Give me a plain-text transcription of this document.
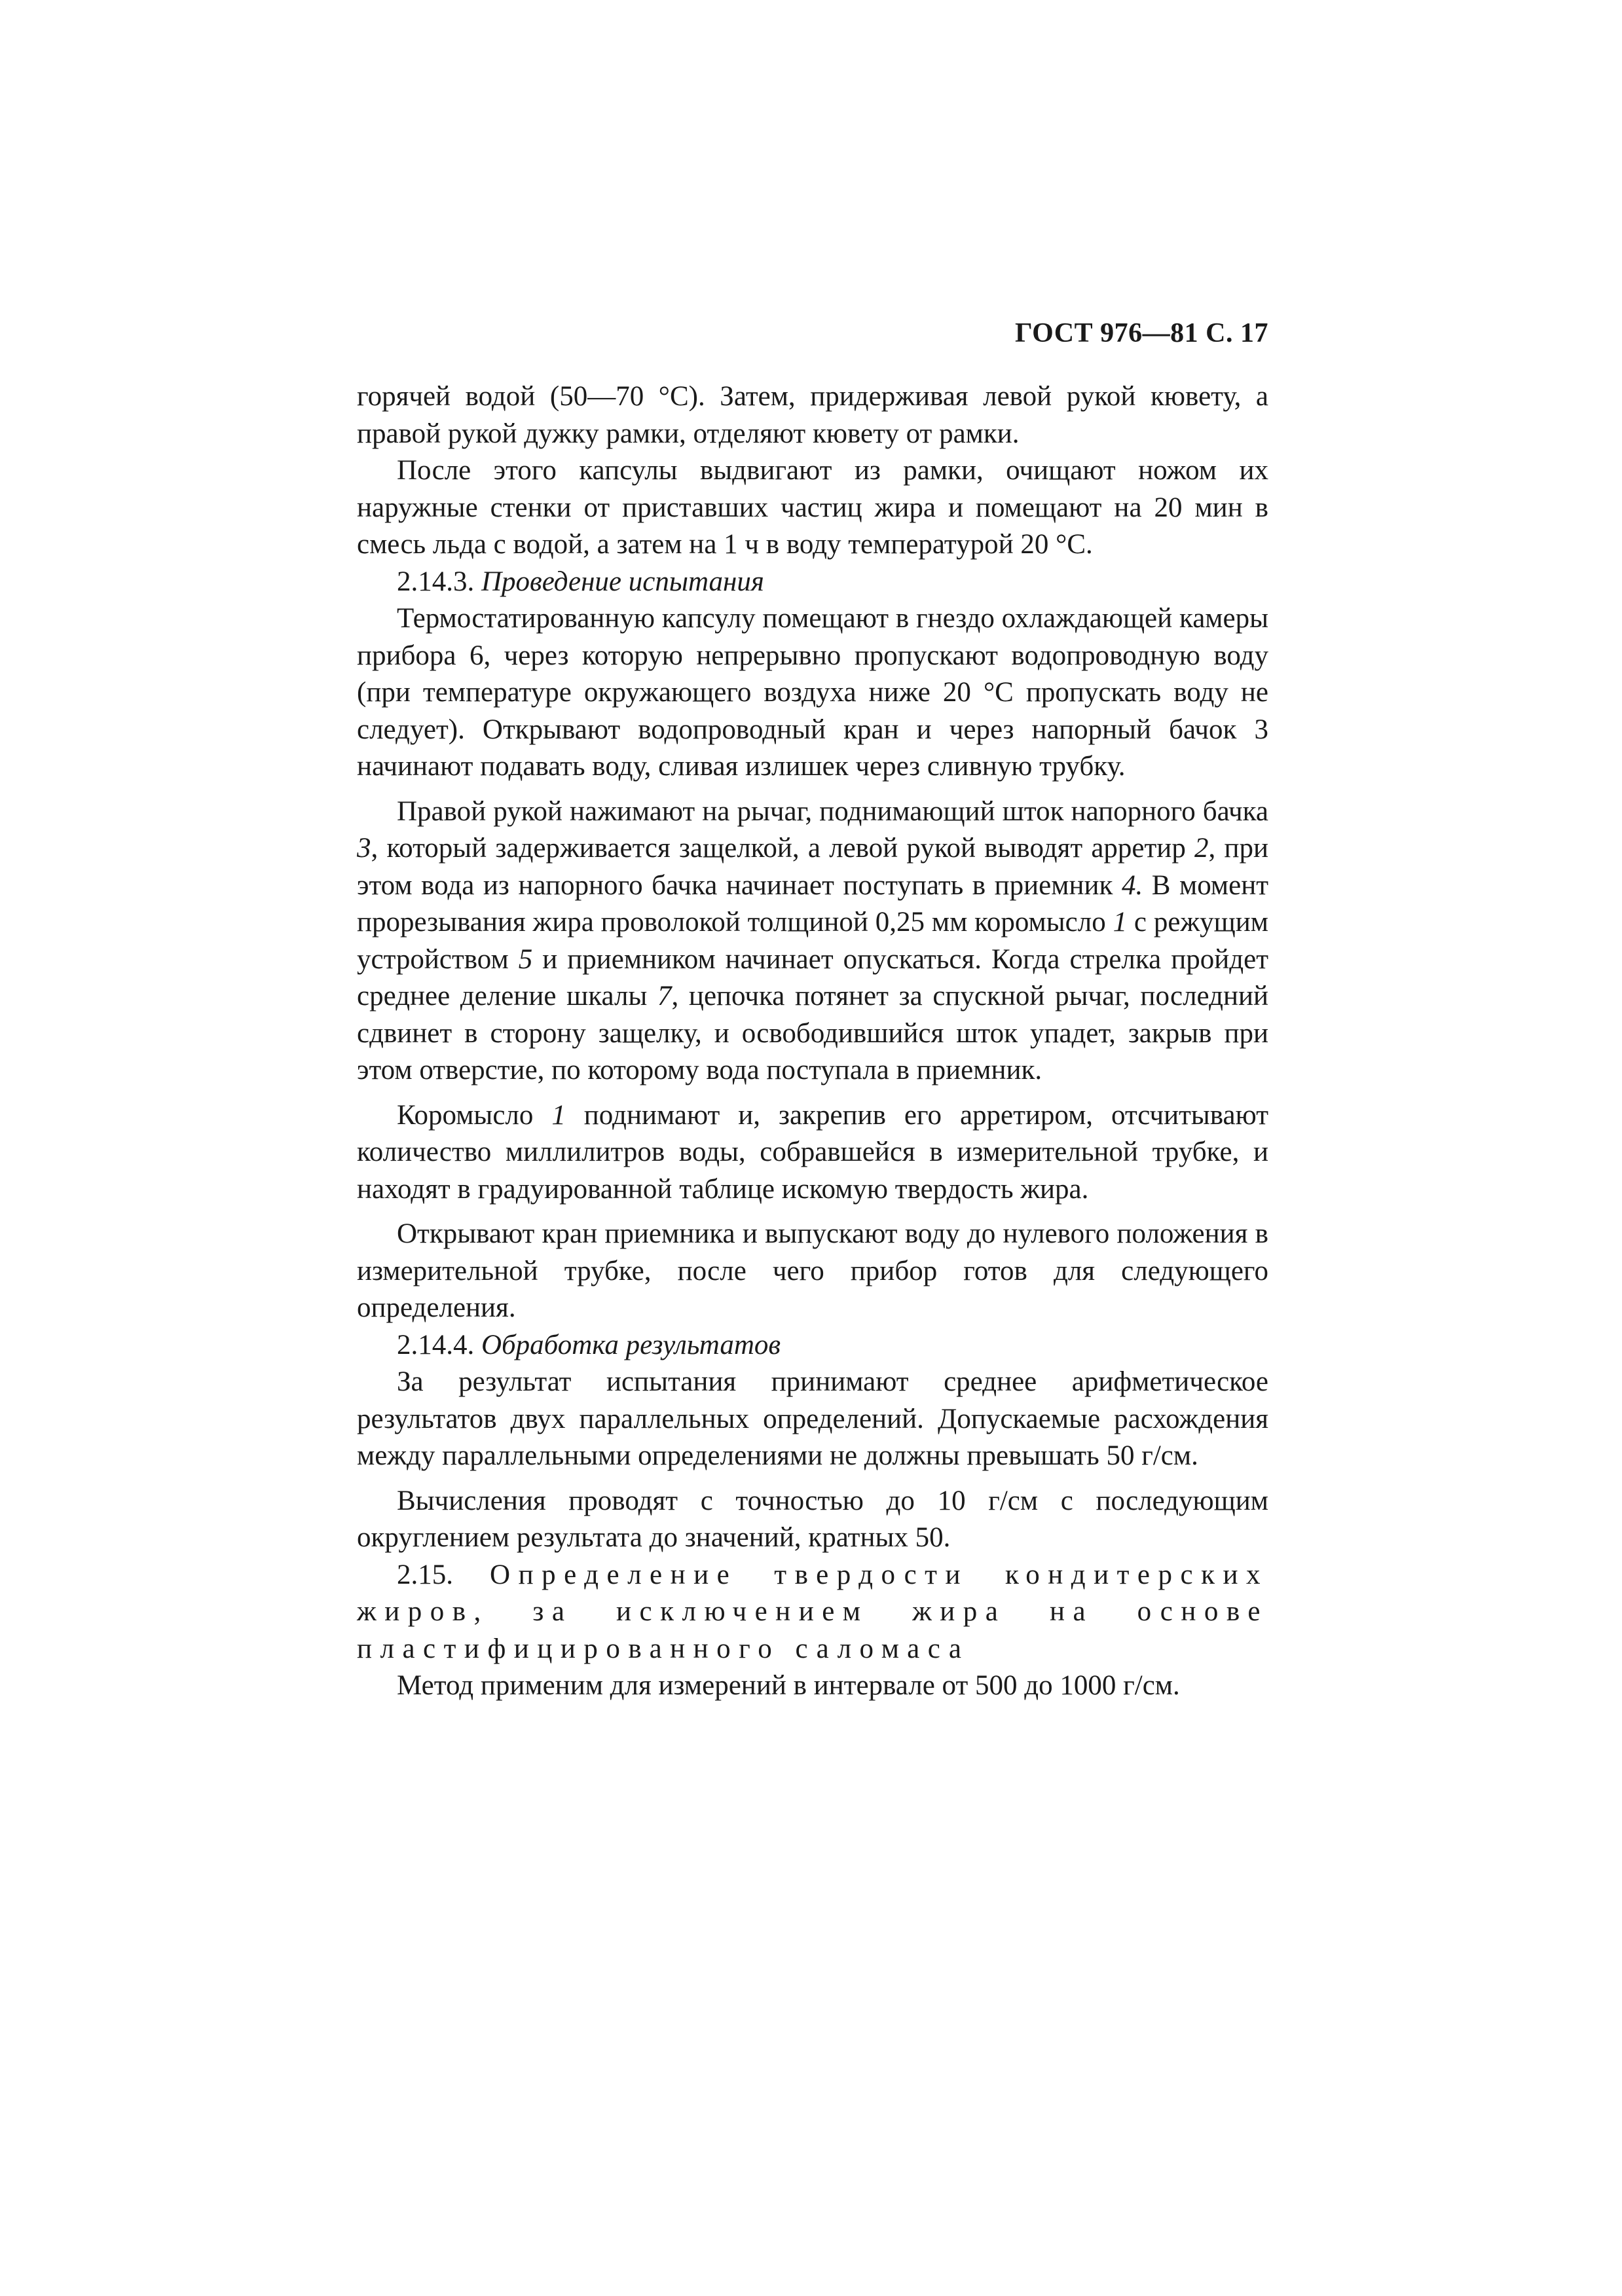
ГОСТ 976—81 С. 17

горячей водой (50—70 °С). Затем, придерживая левой рукой кювету, а правой рукой дужку рамки, отделяют кювету от рамки.

После этого капсулы выдвигают из рамки, очищают ножом их наружные стенки от приставших частиц жира и помещают на 20 мин в смесь льда с водой, а затем на 1 ч в воду температурой 20 °С.

2.14.3. Проведение испытания

Термостатированную капсулу помещают в гнездо охлаждающей камеры прибора 6, через которую непрерывно пропускают водопроводную воду (при температуре окружающего воздуха ниже 20 °С пропускать воду не следует). Открывают водопроводный кран и через напорный бачок 3 начинают подавать воду, сливая излишек через сливную трубку.

Правой рукой нажимают на рычаг, поднимающий шток напорного бачка 3, который задерживается защелкой, а левой рукой выводят арретир 2, при этом вода из напорного бачка начинает поступать в приемник 4. В момент прорезывания жира проволокой толщиной 0,25 мм коромысло 1 с режущим устройством 5 и приемником начинает опускаться. Когда стрелка пройдет среднее деление шкалы 7, цепочка потянет за спускной рычаг, последний сдвинет в сторону защелку, и освободившийся шток упадет, закрыв при этом отверстие, по которому вода поступала в приемник.

Коромысло 1 поднимают и, закрепив его арретиром, отсчитывают количество миллилитров воды, собравшейся в измерительной трубке, и находят в градуированной таблице искомую твердость жира.

Открывают кран приемника и выпускают воду до нулевого положения в измерительной трубке, после чего прибор готов для следующего определения.

2.14.4. Обработка результатов

За результат испытания принимают среднее арифметическое результатов двух параллельных определений. Допускаемые расхождения между параллельными определениями не должны превышать 50 г/см.

Вычисления проводят с точностью до 10 г/см с последующим округлением результата до значений, кратных 50.

2.15. Определение твердости кондитерских жиров, за исключением жира на основе пластифицированного саломаса

Метод применим для измерений в интервале от 500 до 1000 г/см.
